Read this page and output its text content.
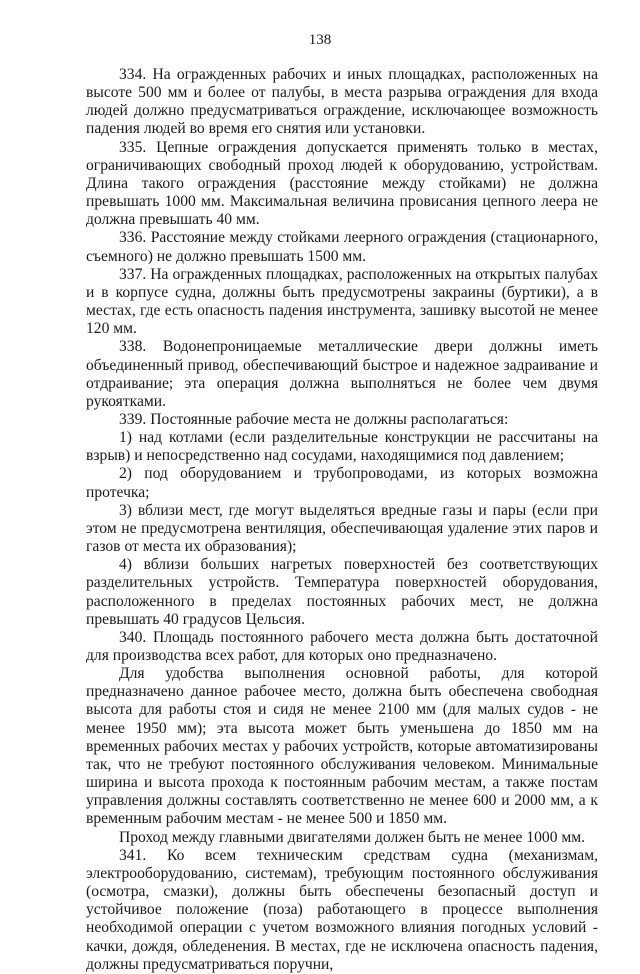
138

334. На огражденных рабочих и иных площадках, расположенных на высоте 500 мм и более от палубы, в места разрыва ограждения для входа людей должно предусматриваться ограждение, исключающее возможность падения людей во время его снятия или установки.

335. Цепные ограждения допускается применять только в местах, ограничивающих свободный проход людей к оборудованию, устройствам. Длина такого ограждения (расстояние между стойками) не должна превышать 1000 мм. Максимальная величина провисания цепного леера не должна превышать 40 мм.

336. Расстояние между стойками леерного ограждения (стационарного, съемного) не должно превышать 1500 мм.

337. На огражденных площадках, расположенных на открытых палубах и в корпусе судна, должны быть предусмотрены закраины (буртики), а в местах, где есть опасность падения инструмента, зашивку высотой не менее 120 мм.

338. Водонепроницаемые металлические двери должны иметь объединенный привод, обеспечивающий быстрое и надежное задраивание и отдраивание; эта операция должна выполняться не более чем двумя рукоятками.

339. Постоянные рабочие места не должны располагаться:

1) над котлами (если разделительные конструкции не рассчитаны на взрыв) и непосредственно над сосудами, находящимися под давлением;

2) под оборудованием и трубопроводами, из которых возможна протечка;

3) вблизи мест, где могут выделяться вредные газы и пары (если при этом не предусмотрена вентиляция, обеспечивающая удаление этих паров и газов от места их образования);

4) вблизи больших нагретых поверхностей без соответствующих разделительных устройств. Температура поверхностей оборудования, расположенного в пределах постоянных рабочих мест, не должна превышать 40 градусов Цельсия.

340. Площадь постоянного рабочего места должна быть достаточной для производства всех работ, для которых оно предназначено.

Для удобства выполнения основной работы, для которой предназначено данное рабочее место, должна быть обеспечена свободная высота для работы стоя и сидя не менее 2100 мм (для малых судов - не менее 1950 мм); эта высота может быть уменьшена до 1850 мм на временных рабочих местах у рабочих устройств, которые автоматизированы так, что не требуют постоянного обслуживания человеком. Минимальные ширина и высота прохода к постоянным рабочим местам, а также постам управления должны составлять соответственно не менее 600 и 2000 мм, а к временным рабочим местам - не менее 500 и 1850 мм.

Проход между главными двигателями должен быть не менее 1000 мм.

341. Ко всем техническим средствам судна (механизмам, электрооборудованию, системам), требующим постоянного обслуживания (осмотра, смазки), должны быть обеспечены безопасный доступ и устойчивое положение (поза) работающего в процессе выполнения необходимой операции с учетом возможного влияния погодных условий - качки, дождя, обледенения. В местах, где не исключена опасность падения, должны предусматриваться поручни,
